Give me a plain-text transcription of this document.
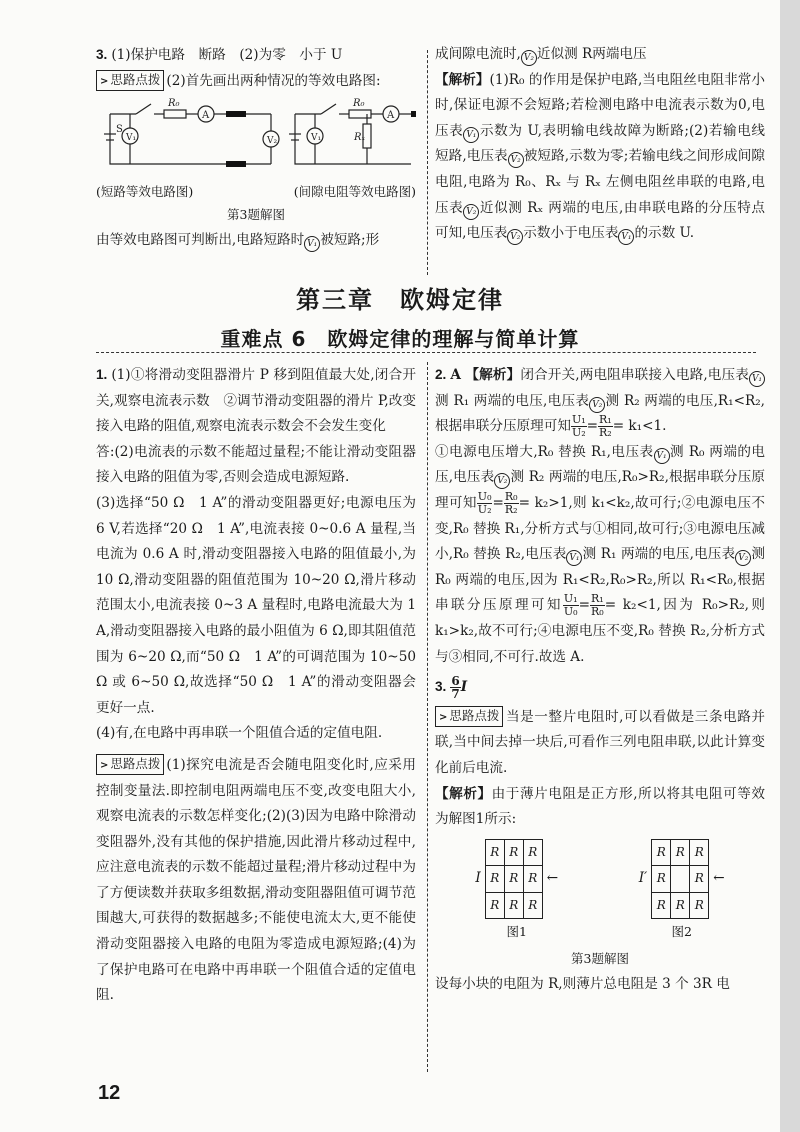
3. (1)保护电路　断路　(2)为零　小于 U

> 思路点拨 (2)首先画出两种情况的等效电路图:

A
V₁	V₂
S
R₀
A
R₀
Rₓ
V₁
(短路等效电路图)	(间隙电阻等效电路图)

第3题解图

由等效电路图可判断出,电路短路时 V₁ 被短路;形

成间隙电流时, V₂ 近似测 R两端电压

【解析】(1)R₀ 的作用是保护电路,当电阻丝电阻非常小时,保证电源不会短路;若检测电路中电流表示数为0,电压表 V₁ 示数为 U,表明输电线故障为断路;(2)若输电线短路,电压表 V₂ 被短路,示数为零;若输电线之间形成间隙电阻,电路为 R₀、Rₓ 与 Rₓ 左侧电阻丝串联的电路,电压表 V₂ 近似测 Rₓ 两端的电压,由串联电路的分压特点可知,电压表 V₂ 示数小于电压表 V₁ 的示数 U.

第三章　欧姆定律
重难点 6　欧姆定律的理解与简单计算

1. (1)①将滑动变阻器滑片 P 移到阻值最大处,闭合开关,观察电流表示数　②调节滑动变阻器的滑片 P,改变接入电路的阻值,观察电流表示数会不会发生变化

答:(2)电流表的示数不能超过量程;不能让滑动变阻器接入电路的阻值为零,否则会造成电源短路.

(3)选择“50 Ω　1 A”的滑动变阻器更好;电源电压为 6 V,若选择“20 Ω　1 A”,电流表接 0~0.6 A 量程,当电流为 0.6 A 时,滑动变阻器接入电路的阻值最小,为 10 Ω,滑动变阻器的阻值范围为 10~20 Ω,滑片移动范围太小,电流表接 0~3 A 量程时,电路电流最大为 1 A,滑动变阻器接入电路的最小阻值为 6 Ω,即其阻值范围为 6~20 Ω,而“50 Ω　1 A”的可调范围为 10~50 Ω 或 6~50 Ω,故选择“50 Ω　1 A”的滑动变阻器会更好一点.

(4)有,在电路中再串联一个阻值合适的定值电阻.

> 思路点拨 (1)探究电流是否会随电阻变化时,应采用控制变量法.即控制电阻两端电压不变,改变电阻大小,观察电流表的示数怎样变化;(2)(3)因为电路中除滑动变阻器外,没有其他的保护措施,因此滑片移动过程中,应注意电流表的示数不能超过量程;滑片移动过程中为了方便读数并获取多组数据,滑动变阻器阻值可调节范围越大,可获得的数据越多;不能使电流太大,更不能使滑动变阻器接入电路的电阻为零造成电源短路;(4)为了保护电路可在电路中再串联一个阻值合适的定值电阻.

2. A 【解析】闭合开关,两电阻串联接入电路,电压表 V₁测 R₁ 两端的电压,电压表 V₂ 测 R₂ 两端的电压,R₁<R₂,根据串联分压原理可知 $\frac{\text{U₁}}{\text{U₂}} = \frac{\text{R₁}}{\text{R₂}} = k_1<1$.

①电源电压增大,R₀ 替换 R₁,电压表 V₁ 测 R₀ 两端的电压,电压表 V₂ 测 R₂ 两端的电压,R₀>R₂,根据串联分压原理可知 $\frac{\text{U₀}}{\text{U₂}} = \frac{\text{R₀}}{\text{R₂}} = k_2>1$,则 k₁<k₂,故可行;②电源电压不变,R₀ 替换 R₁,分析方式与①相同,故可行;③电源电压减小,R₀ 替换 R₂,电压表 V₁ 测 R₁ 两端的电压,电压表 V₂ 测 R₀ 两端的电压,因为 R₁<R₂,R₀>R₂,所以 R₁<R₀,根据串联分压原理可知 $\frac{\text{U₁}}{\text{U₀}} = \frac{\text{R₁}}{\text{R₀}} = k_2<1$,因为 R₀>R₂,则 k₁>k₂,故不可行;④电源电压不变,R₀ 替换 R₂,分析方式与③相同,不可行.故选 A.

3. $\frac{6}{7}$ I

> 思路点拨 当是一整片电阻时,可以看做是三条电路并联,当中间去掉一块后,可看作三列电阻串联,以此计算变化前后电流.

【解析】由于薄片电阻是正方形,所以将其电阻可等效为解图1所示:

I
R	R	R
R	R	R
R	R	R
←
图1
I′
R	R	R
R		R
R	R	R
←
图2

第3题解图

设每小块的电阻为 R,则薄片总电阻是 3 个 3R 电

12
